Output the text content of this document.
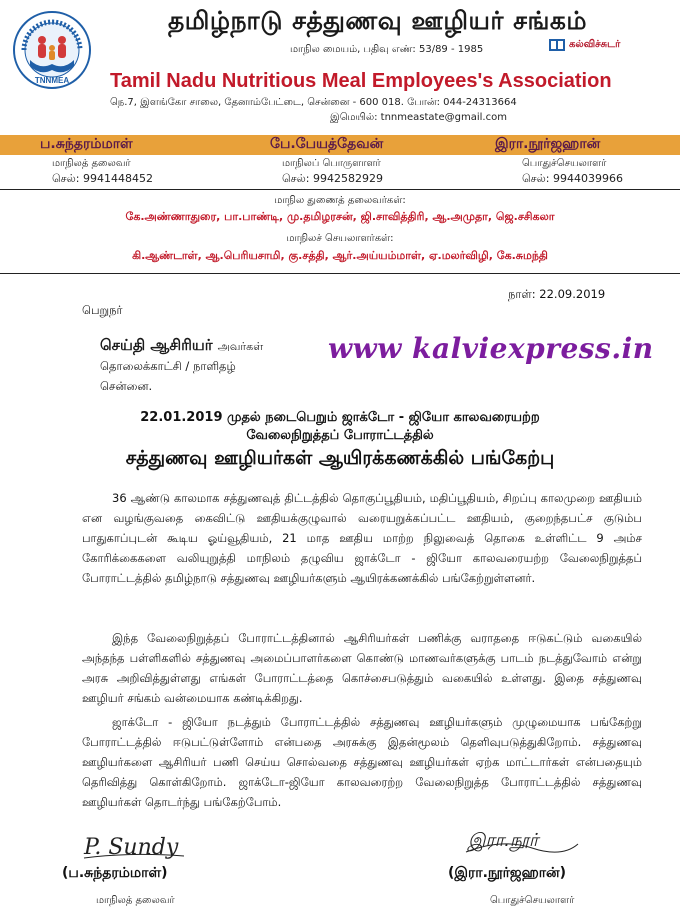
TNNMEA
தமிழ்நாடு சத்துணவு ஊழியர் சங்கம்
மாநில மையம், பதிவு எண்: 53/89 - 1985	கல்விச்சுடர்
Tamil Nadu Nutritious Meal Employees's Association
நெ.7, இளங்கோ சாலை, தேனாம்பேட்டை, சென்னை - 600 018. போன்: 044-24313664
இமெயில்: tnnmeastate@gmail.com
ப.சுந்தரம்மாள்
மாநிலத் தலைவர்
செல்: 9941448452
பே.பேயத்தேவன்
மாநிலப் பொருளாளர்
செல்: 9942582929
இரா.நூர்ஜஹான்
பொதுச்செயலாளர்
செல்: 9944039966
மாநில துணைத் தலைவர்கள்:
கே.அண்ணாதுரை, பா.பாண்டி, மு.தமிழரசன், ஜி.சாவித்திரி, ஆ.அமுதா, ஜெ.சசிகலா
மாநிலச் செயலாளர்கள்:
கி.ஆண்டாள், ஆ.பெரியசாமி, கு.சத்தி, ஆர்.அய்யம்மாள், ஏ.மலர்விழி, கே.சுமந்தி
நாள்: 22.09.2019
பெறுநர்
செய்தி ஆசிரியர் அவர்கள்
தொலைக்காட்சி / நாளிதழ்
சென்னை.
www kalviexpress.in
22.01.2019 முதல் நடைபெறும் ஜாக்டோ - ஜியோ காலவரையற்ற
வேலைநிறுத்தப் போராட்டத்தில்
சத்துணவு ஊழியர்கள் ஆயிரக்கணக்கில் பங்கேற்பு

36 ஆண்டு காலமாக சத்துணவுத் திட்டத்தில் தொகுப்பூதியம், மதிப்பூதியம், சிறப்பு காலமுறை ஊதியம் என வழங்குவதை கைவிட்டு ஊதியக்குழுவால் வரையறுக்கப்பட்ட ஊதியம், குறைந்தபட்ச குடும்ப பாதுகாப்புடன் கூடிய ஓய்வூதியம், 21 மாத ஊதிய மாற்ற நிலுவைத் தொகை உள்ளிட்ட 9 அம்ச கோரிக்கைகளை வலியுறுத்தி மாநிலம் தழுவிய ஜாக்டோ - ஜியோ காலவரையற்ற வேலைநிறுத்தப் போராட்டத்தில் தமிழ்நாடு சத்துணவு ஊழியர்களும் ஆயிரக்கணக்கில் பங்கேற்றுள்ளனர்.

இந்த வேலைநிறுத்தப் போராட்டத்தினால் ஆசிரியர்கள் பணிக்கு வராததை ஈடுகட்டும் வகையில் அந்தந்த பள்ளிகளில் சத்துணவு அமைப்பாளர்களை கொண்டு மாணவர்களுக்கு பாடம் நடத்துவோம் என்று அரசு அறிவித்துள்ளது எங்கள் போராட்டத்தை கொச்சைபடுத்தும் வகையில் உள்ளது. இதை சத்துணவு ஊழியர் சங்கம் வன்மையாக கண்டிக்கிறது.

ஜாக்டோ - ஜியோ நடத்தும் போராட்டத்தில் சத்துணவு ஊழியர்களும் முழுமையாக பங்கேற்று போராட்டத்தில் ஈடுபட்டுள்ளோம் என்பதை அரசுக்கு இதன்மூலம் தெளிவுபடுத்துகிறோம். சத்துணவு ஊழியர்களை ஆசிரியர் பணி செய்ய சொல்வதை சத்துணவு ஊழியர்கள் ஏற்க மாட்டார்கள் என்பதையும் தெரிவித்து கொள்கிறோம். ஜாக்டோ-ஜியோ காலவரைற்ற வேலைநிறுத்த போராட்டத்தில் சத்துணவு ஊழியர்கள் தொடர்ந்து பங்கேற்போம்.

P. Sundy	இரா.நூர்
(ப.சுந்தரம்மாள்)
மாநிலத் தலைவர்
(இரா.நூர்ஜஹான்)
பொதுச்செயலாளர்
